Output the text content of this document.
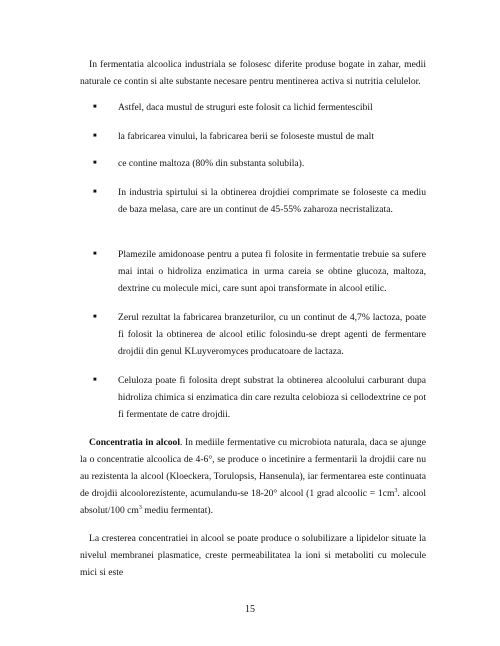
In fermentatia alcoolica industriala se folosesc diferite produse bogate in zahar, medii naturale ce contin si alte substante necesare pentru mentinerea activa si nutritia celulelor.
■ Astfel, daca mustul de struguri este folosit ca lichid fermentescibil
■ la fabricarea vinului, la fabricarea berii se foloseste mustul de malt
■ ce contine maltoza (80% din substanta solubila).
■ In industria spirtului si la obtinerea drojdiei comprimate se foloseste ca mediu de baza melasa, care are un continut de 45-55% zaharoza necristalizata.
■ Plamezile amidonoase pentru a putea fi folosite in fermentatie trebuie sa sufere mai intai o hidroliza enzimatica in urma careia se obtine glucoza, maltoza, dextrine cu molecule mici, care sunt apoi transformate in alcool etilic.
■ Zerul rezultat la fabricarea branzeturilor, cu un continut de 4,7% lactoza, poate fi folosit la obtinerea de alcool etilic folosindu-se drept agenti de fermentare drojdii din genul KLuyveromyces producatoare de lactaza.
■ Celuloza poate fi folosita drept substrat la obtinerea alcoolului carburant dupa hidroliza chimica si enzimatica din care rezulta celobioza si cellodextrine ce pot fi fermentate de catre drojdii.
Concentratia in alcool. In mediile fermentative cu microbiota naturala, daca se ajunge la o concentratie alcoolica de 4-6°, se produce o incetinire a fermentarii la drojdii care nu au rezistenta la alcool (Kloeckera, Torulopsis, Hansenula), iar fermentarea este continuata de drojdii alcoolorezistente, acumulandu-se 18-20° alcool (1 grad alcoolic = $1cm^3$. alcool absolut/100 $cm^3$ mediu fermentat).
La cresterea concentratiei in alcool se poate produce o solubilizare a lipidelor situate la nivelul membranei plasmatice, creste permeabilitatea la ioni si metaboliti cu molecule mici si este
15
